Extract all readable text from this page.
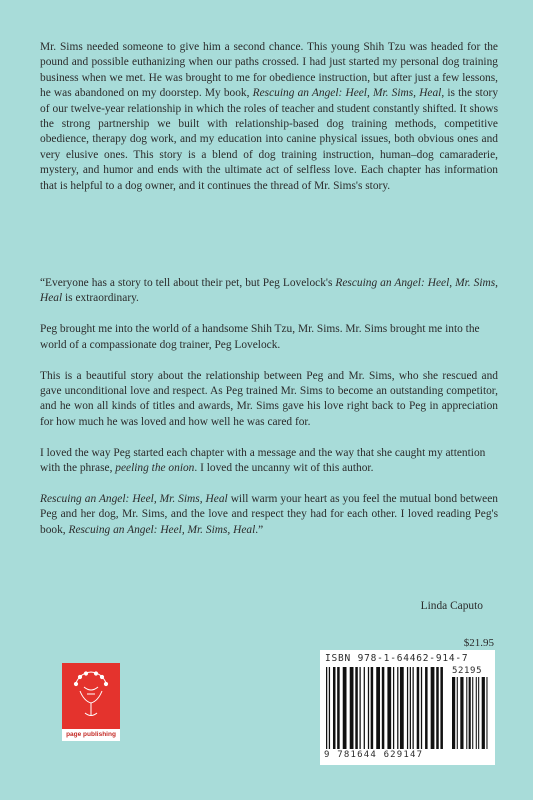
Mr. Sims needed someone to give him a second chance. This young Shih Tzu was headed for the pound and possible euthanizing when our paths crossed. I had just started my personal dog training business when we met. He was brought to me for obedience instruction, but after just a few lessons, he was abandoned on my doorstep. My book, Rescuing an Angel: Heel, Mr. Sims, Heal, is the story of our twelve-year relationship in which the roles of teacher and student constantly shifted. It shows the strong partnership we built with relationship-based dog training methods, competitive obedience, therapy dog work, and my education into canine physical issues, both obvious ones and very elusive ones. This story is a blend of dog training instruction, human–dog camaraderie, mystery, and humor and ends with the ultimate act of selfless love. Each chapter has information that is helpful to a dog owner, and it continues the thread of Mr. Sims's story.

“Everyone has a story to tell about their pet, but Peg Lovelock's Rescuing an Angel: Heel, Mr. Sims, Heal is extraordinary.

Peg brought me into the world of a handsome Shih Tzu, Mr. Sims. Mr. Sims brought me into the world of a compassionate dog trainer, Peg Lovelock.

This is a beautiful story about the relationship between Peg and Mr. Sims, who she rescued and gave unconditional love and respect. As Peg trained Mr. Sims to become an outstanding competitor, and he won all kinds of titles and awards, Mr. Sims gave his love right back to Peg in appreciation for how much he was loved and how well he was cared for.

I loved the way Peg started each chapter with a message and the way that she caught my attention with the phrase, peeling the onion. I loved the uncanny wit of this author.

Rescuing an Angel: Heel, Mr. Sims, Heal will warm your heart as you feel the mutual bond between Peg and her dog, Mr. Sims, and the love and respect they had for each other. I loved reading Peg's book, Rescuing an Angel: Heel, Mr. Sims, Heal.”

Linda Caputo
$21.95
ISBN 978-1-64462-914-7
52195
9 781644 629147
page publishing
